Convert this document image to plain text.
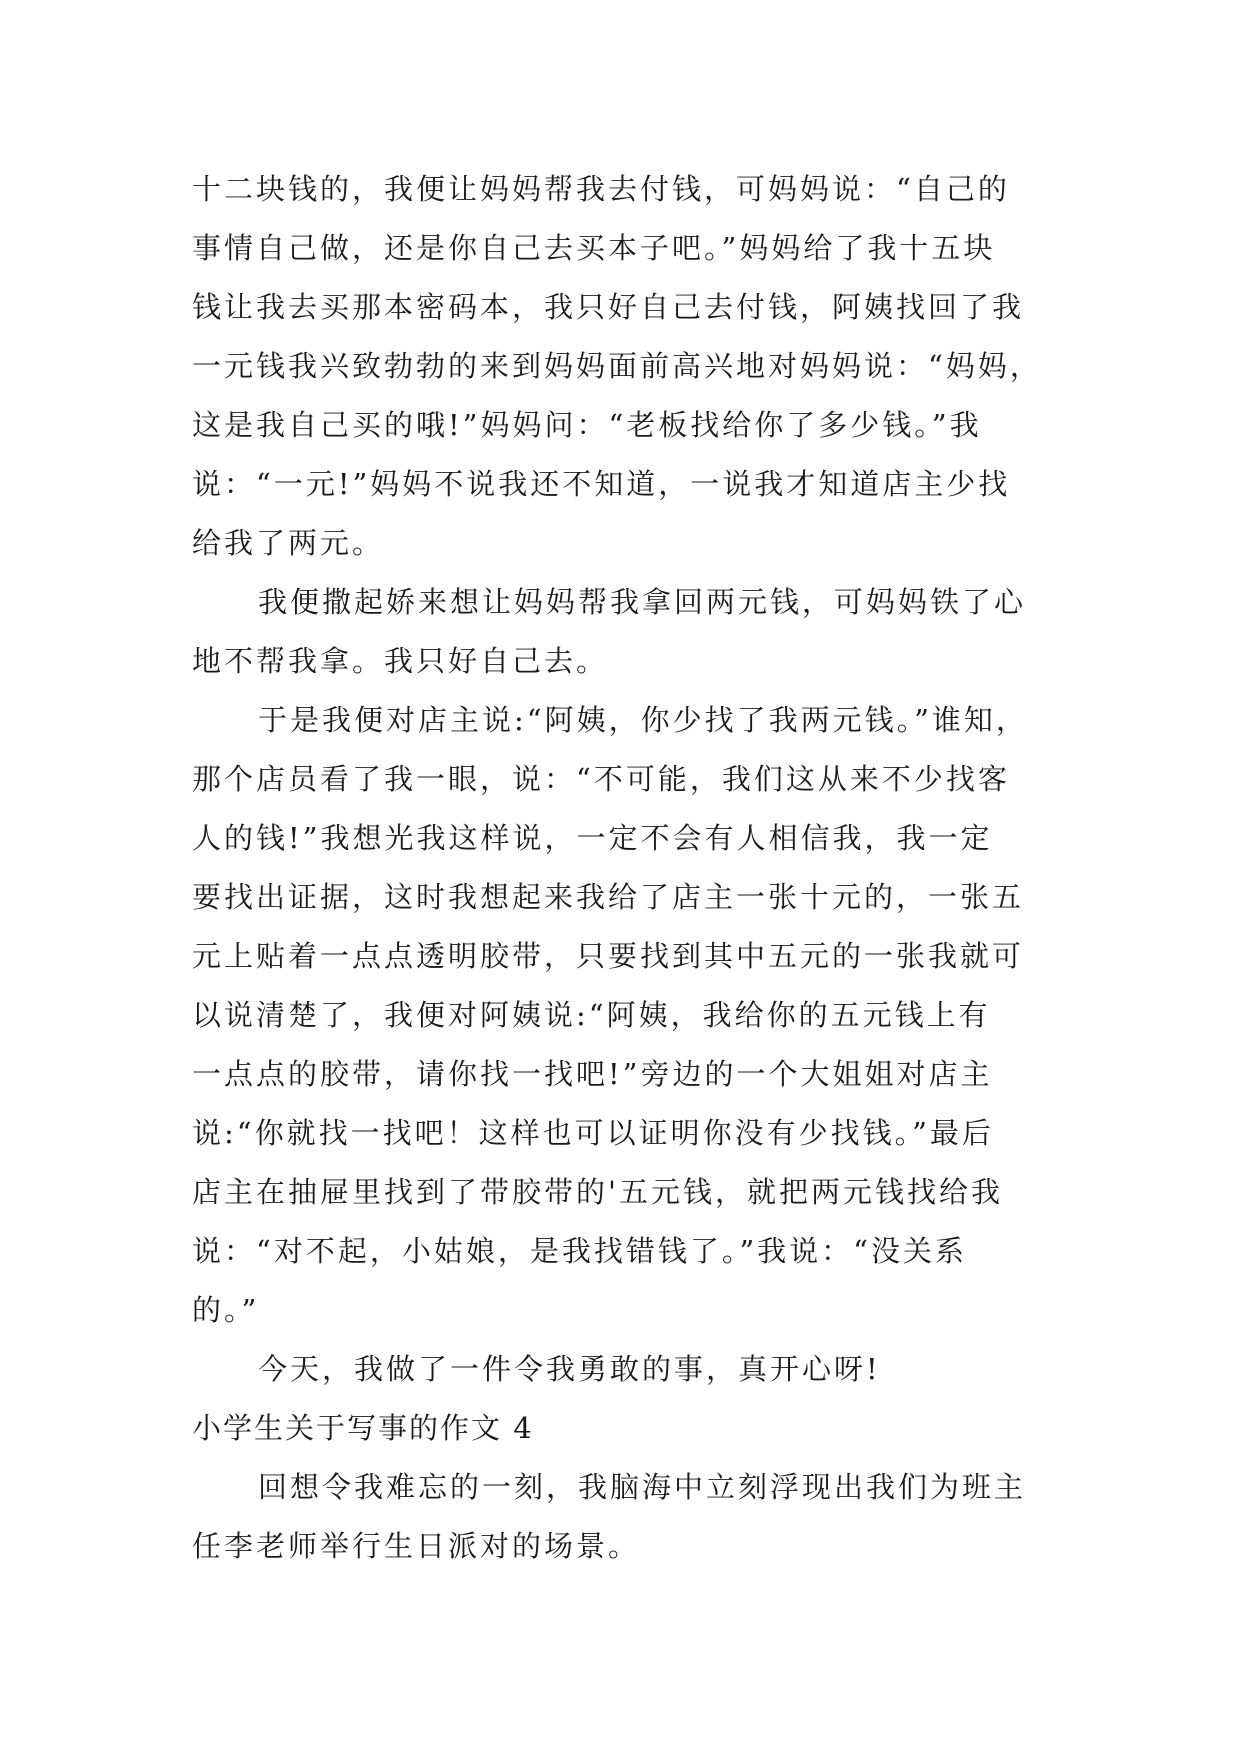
十二块钱的，我便让妈妈帮我去付钱，可妈妈说：“自己的
事情自己做，还是你自己去买本子吧。”妈妈给了我十五块
钱让我去买那本密码本，我只好自己去付钱，阿姨找回了我
一元钱我兴致勃勃的来到妈妈面前高兴地对妈妈说：“妈妈，
这是我自己买的哦!”妈妈问：“老板找给你了多少钱。”我
说：“一元!”妈妈不说我还不知道，一说我才知道店主少找
给我了两元。
我便撒起娇来想让妈妈帮我拿回两元钱，可妈妈铁了心
地不帮我拿。我只好自己去。
于是我便对店主说:“阿姨，你少找了我两元钱。”谁知，
那个店员看了我一眼，说：“不可能，我们这从来不少找客
人的钱!”我想光我这样说，一定不会有人相信我，我一定
要找出证据，这时我想起来我给了店主一张十元的，一张五
元上贴着一点点透明胶带，只要找到其中五元的一张我就可
以说清楚了，我便对阿姨说:“阿姨，我给你的五元钱上有
一点点的胶带，请你找一找吧!”旁边的一个大姐姐对店主
说:“你就找一找吧！这样也可以证明你没有少找钱。”最后
店主在抽屉里找到了带胶带的'五元钱，就把两元钱找给我
说：“对不起，小姑娘，是我找错钱了。”我说：“没关系
的。”
今天，我做了一件令我勇敢的事，真开心呀!
小学生关于写事的作文 4
回想令我难忘的一刻，我脑海中立刻浮现出我们为班主
任李老师举行生日派对的场景。
